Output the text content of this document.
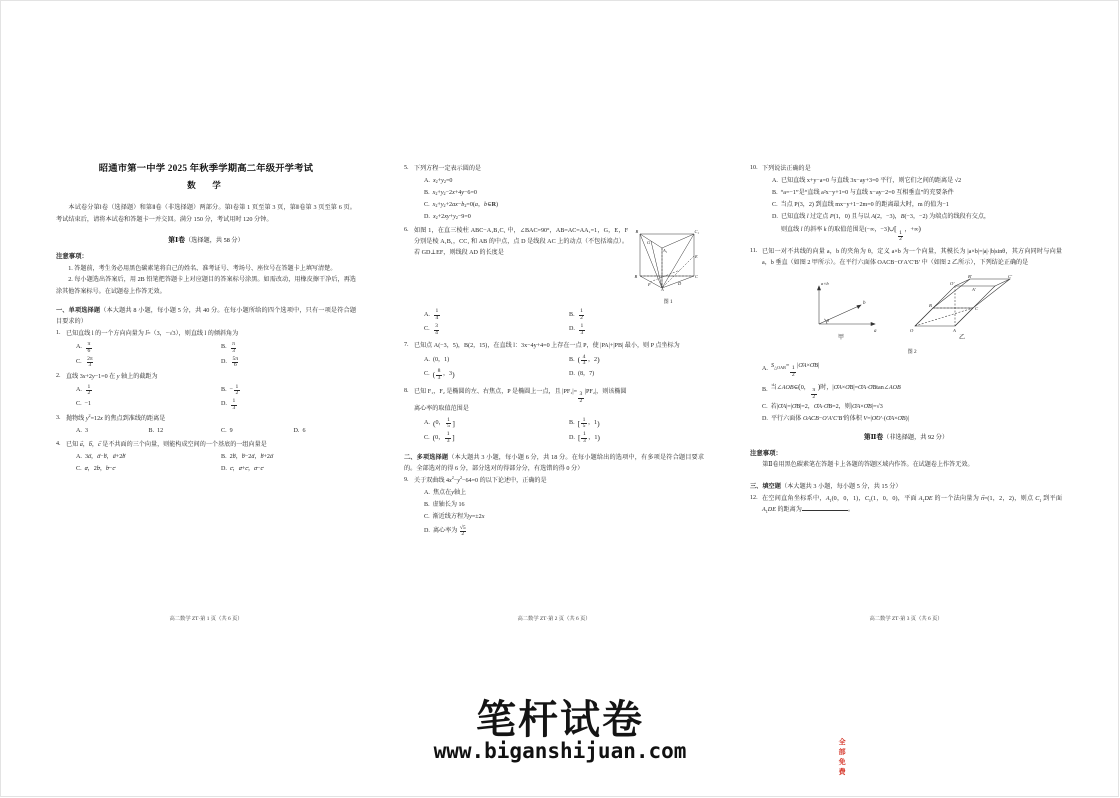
昭通市第一中学 2025 年秋季学期高二年级开学考试
数　学

本试卷分第Ⅰ卷（选择题）和第Ⅱ卷（非选择题）两部分。第Ⅰ卷第 1 页至第 3 页，第Ⅱ卷第 3 页至第 6 页。考试结束后，请将本试卷和答题卡一并交回。满分 150 分，考试用时 120 分钟。

第Ⅰ卷（选择题，共 58 分）
注意事项：

1. 答题前，考生务必用黑色碳素笔将自己的姓名、准考证号、考场号、座位号在答题卡上填写清楚。

2. 每小题选出答案后，用 2B 铅笔把答题卡上对应题目的答案标号涂黑。如需改动，用橡皮擦干净后，再选涂其他答案标号。在试题卷上作答无效。

一、单项选择题（本大题共 8 小题，每小题 5 分，共 40 分。在每小题所给的四个选项中，只有一项是符合题目要求的）
1. 已知直线 l 的一个方向向量为 l →=（3，−√3），则直线 l 的倾斜角为
A. $\frac{\pi}{6}$	B. $\frac{\pi}{3}$
C. $\frac{2\pi}{3}$	D. $\frac{5\pi}{6}$
2. 直线 3x+2y−1=0 在 y 轴上的截距为
A. $\frac{1}{2}$	B. − $\frac{1}{2}$
C. −1	D. $\frac{1}{3}$
3. 抛物线 $y^2=12x$ 的焦点到准线的距离是
A. 3	B. 12	C. 9	D. 6
4. 已知 a →，b →，c → 是不共面的三个向量，则能构成空间的一个基底的一组向量是
A. 3 a → ， a → − b → ， a → +2 b →	B. 2 b → ， b → −2 a → ， b → +2 a →
C. a → ，2 b → ， b → − c →	D. c → ， a → + c → ， a → − c →
高二数学 ZT·第 1 页（共 6 页）
5. 下列方程一定表示圆的是
A. x 2 + y 2 =0
B. x 2 + y 2 −2 x +4 y −6=0
C. x 2 + y 2 +2 ax − b 2 =0( a ， b ∈ R )
D. x 2 +2 xy + y 2 −9=0
6.	B	C₁
G
A₁
B	C
E
F
A
D
图 1
如图 1，在直三棱柱 ABC−A₁B₁C₁ 中，∠BAC=90°，AB=AC=AA₁=1，G，E，F 分别是棱 A₁B₁，CC₁ 和 AB 的中点，点 D 是线段 AC 上的动点（不包括端点）。若 GD⊥EF，则线段 AD 的长度是
A. $\frac{1}{4}$	B. $\frac{1}{2}$
C. $\frac{3}{4}$	D. $\frac{1}{3}$
7. 已知点 A(−3，5)，B(2，15)，在直线 l：3x−4y+4=0 上存在一点 P，使 |PA|+|PB| 最小，则 P 点坐标为
A. (0，1)	B. ( $\frac{4}{3}$ ，2 )
C. ( $\frac{8}{3}$ ，3 )	D. (8，7)
8. 已知 F₁，F₂ 是椭圆的左、右焦点，P 是椭圆上一点，且 |PF₁|=
$\frac{3}{2}$
|PF₂|，则该椭圆
离心率的取值范围是
A. ( 0， $\frac{1}{5}$ ]	B. [ $\frac{1}{5}$ ，1 )
C. ( 0， $\frac{1}{3}$ ]	D. [ $\frac{1}{3}$ ，1 )
二、多项选择题（本大题共 3 小题，每小题 6 分，共 18 分。在每小题给出的选项中，有多项是符合题目要求的。全部选对的得 6 分，部分选对的得部分分，有选错的得 0 分）
9. 关于双曲线 $4x^2-y^2-64=0$ 的以下论述中，正确的是
A. 焦点在 y 轴上
B. 虚轴长为 16
C. 渐近线方程为 y =±2 x
D. 离心率为 $\frac{√5}{2}$
高二数学 ZT·第 2 页（共 6 页）
10. 下列说法正确的是
A. 已知直线 x+y−a=0 与直线 3x−ay+3=0 平行，则它们之间的距离是 √2
B. “a=−1”是“直线 a²x−y+1=0 与直线 x−ay−2=0 互相垂直”的充要条件
C. 当点 P(3，2) 到直线 mx−y+1−2m=0 的距离最大时，m 的值为−1
D. 已知直线 l 过定点 P(1，0) 且与以 A(2，−3)，B(−3，−2) 为端点的线段有交点，
则直线 l 的斜率 k 的取值范围是(−∞，−3]∪[
$\frac{1}{2}$
，+∞)
11. 已知一对不共线的向量 a，b 的夹角为 θ，定义 a×b 为一个向量，其模长为 |a×b|=|a|·|b|sinθ，其方向同时与向量 a，b 垂直（如图 2 甲所示）。在平行六面体 OACB−O′A′C′B′ 中（如图 2 乙所示），下列结论正确的是
a×b
b
a
θ
甲
O	A
C
B
O′
A′
B′	C′
乙
图 2
A.
$S_{\triangle OAB}=$
$\frac{1}{2}$
|OA →×OB →|
B. 当∠AOB∈(0，
$\frac{\pi}{2}$
)时，|OA →×OB →|=OA →·OB →tan∠AOB
C. 若|OA →|=|OB →|=2，OA →·OB →=2，则|OA →×OB →|=√3
D. 平行六面体 OACB−O′A′C′B′的体积 V=|OO′ →·(OA →×OB →)|
第Ⅱ卷（非选择题，共 92 分）
注意事项：

第Ⅱ卷用黑色碳素笔在答题卡上各题的答题区域内作答。在试题卷上作答无效。

三、填空题（本大题共 3 小题，每小题 5 分，共 15 分）
12. 在空间直角坐标系中，$A_1(0$，0，1)，$C_1(1$，0，0)，平面 $A_1DE$ 的一个法向量为 n →=(1，2，2)，则点 $C_1$ 到平面 $A_1DE$ 的距离为	。
高二数学 ZT·第 3 页（共 6 页）
笔杆试卷	全部免费
www.biganshijuan.com
